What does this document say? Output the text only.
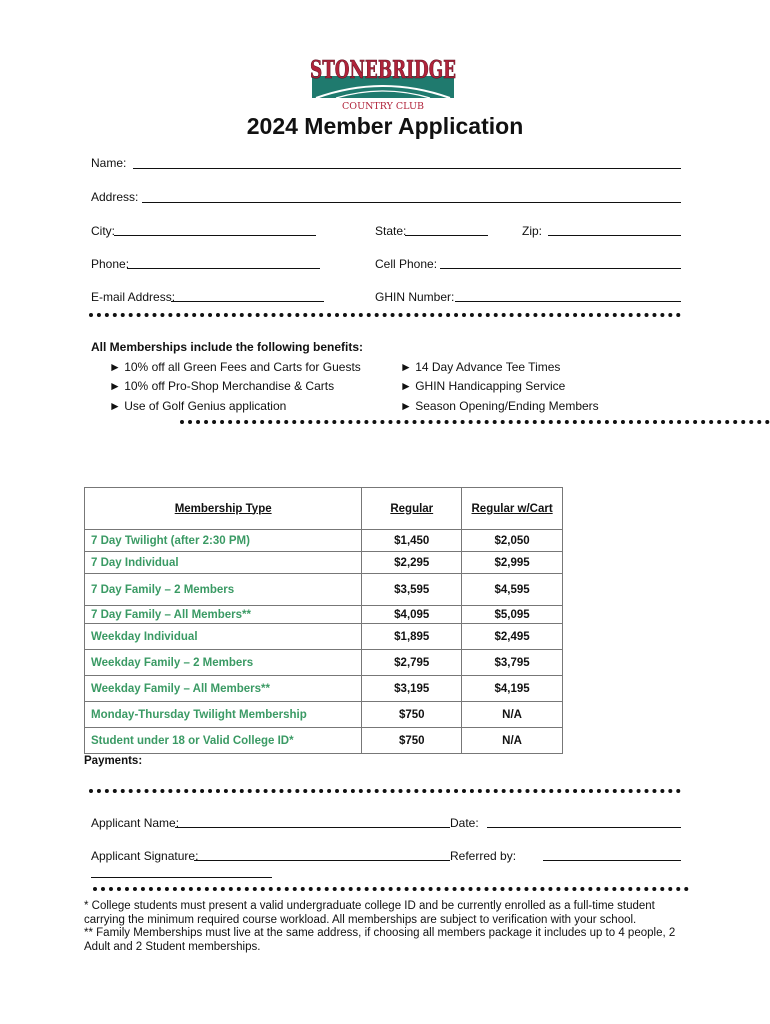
STONEBRIDGE
COUNTRY CLUB
2024 Member Application
Name:
Address:
City:	State:	Zip:
Phone:	Cell Phone:
E-mail Address:	GHIN Number:
All Memberships include the following benefits:
► 10% off all Green Fees and Carts for Guests
► 10% off Pro-Shop Merchandise & Carts
► Use of Golf Genius application
► 14 Day Advance Tee Times
► GHIN Handicapping Service
► Season Opening/Ending Members
Membership Type	Regular	Regular w/Cart
7 Day Twilight (after 2:30 PM)	$1,450	$2,050
7 Day Individual	$2,295	$2,995
7 Day Family – 2 Members	$3,595	$4,595
7 Day Family – All Members**	$4,095	$5,095
Weekday Individual	$1,895	$2,495
Weekday Family – 2 Members	$2,795	$3,795
Weekday Family – All Members**	$3,195	$4,195
Monday-Thursday Twilight Membership	$750	N/A
Student under 18 or Valid College ID*	$750	N/A
Payments:
Applicant Name:	Date:
Applicant Signature:	Referred by:
* College students must present a valid undergraduate college ID and be currently enrolled as a full-time student carrying the minimum required course workload. All memberships are subject to verification with your school.
** Family Memberships must live at the same address, if choosing all members package it includes up to 4 people, 2 Adult and 2 Student memberships.
